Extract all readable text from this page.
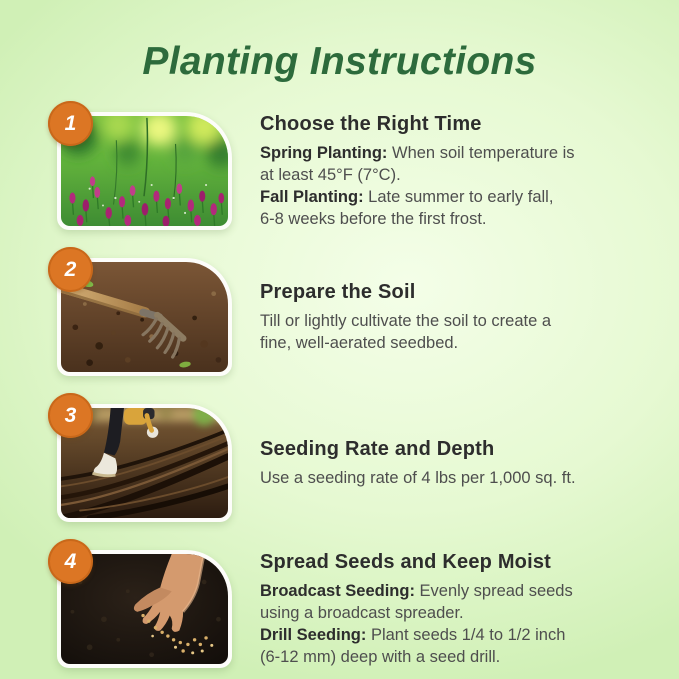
Planting Instructions
1	Choose the Right Time
Spring Planting: When soil temperature is
at least 45°F (7°C).
Fall Planting: Late summer to early fall,
6-8 weeks before the first frost.
2
Prepare the Soil
Till or lightly cultivate the soil to create a
fine, well-aerated seedbed.
3
Seeding Rate and Depth
Use a seeding rate of 4 lbs per 1,000 sq. ft.
4	Spread Seeds and Keep Moist
Broadcast Seeding: Evenly spread seeds
using a broadcast spreader.
Drill Seeding: Plant seeds 1/4 to 1/2 inch
(6-12 mm) deep with a seed drill.
